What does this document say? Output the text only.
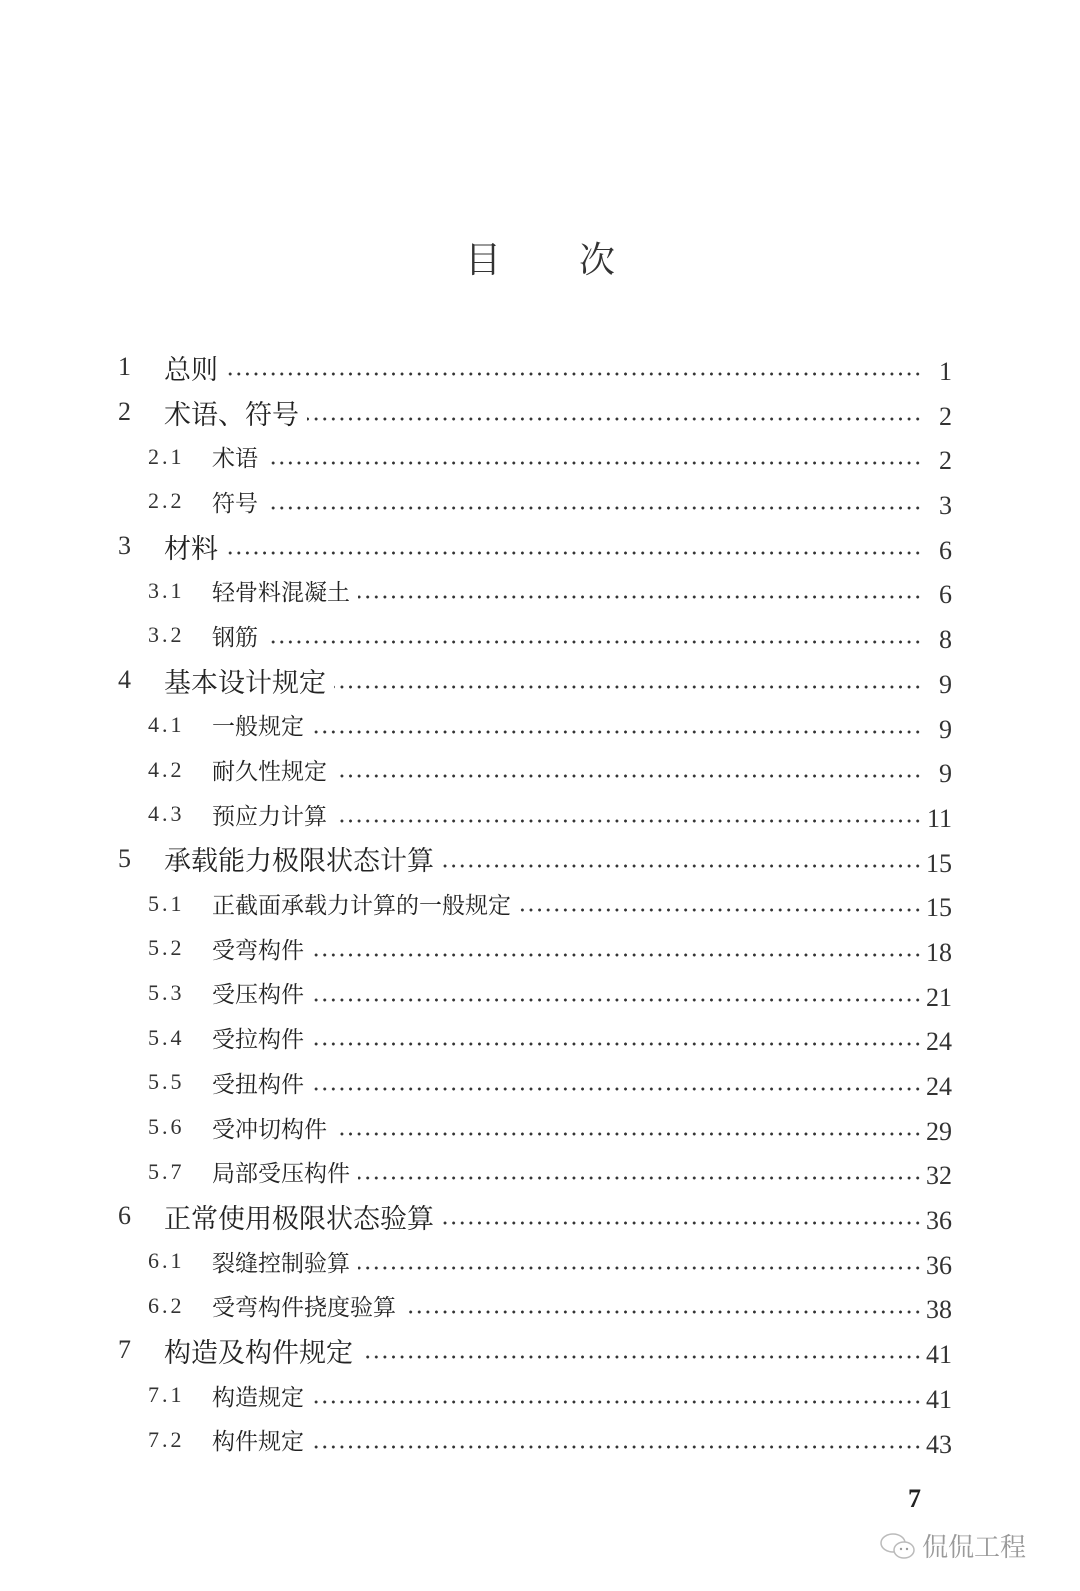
目次
1 总则	1
2 术语、符号	2
2.1 术语	2
2.2 符号	3
3 材料	6
3.1 轻骨料混凝土	6
3.2 钢筋	8
4 基本设计规定	9
4.1 一般规定	9
4.2 耐久性规定	9
4.3 预应力计算	11
5 承载能力极限状态计算	15
5.1 正截面承载力计算的一般规定	15
5.2 受弯构件	18
5.3 受压构件	21
5.4 受拉构件	24
5.5 受扭构件	24
5.6 受冲切构件	29
5.7 局部受压构件	32
6 正常使用极限状态验算	36
6.1 裂缝控制验算	36
6.2 受弯构件挠度验算	38
7 构造及构件规定	41
7.1 构造规定	41
7.2 构件规定	43
7
侃侃工程
